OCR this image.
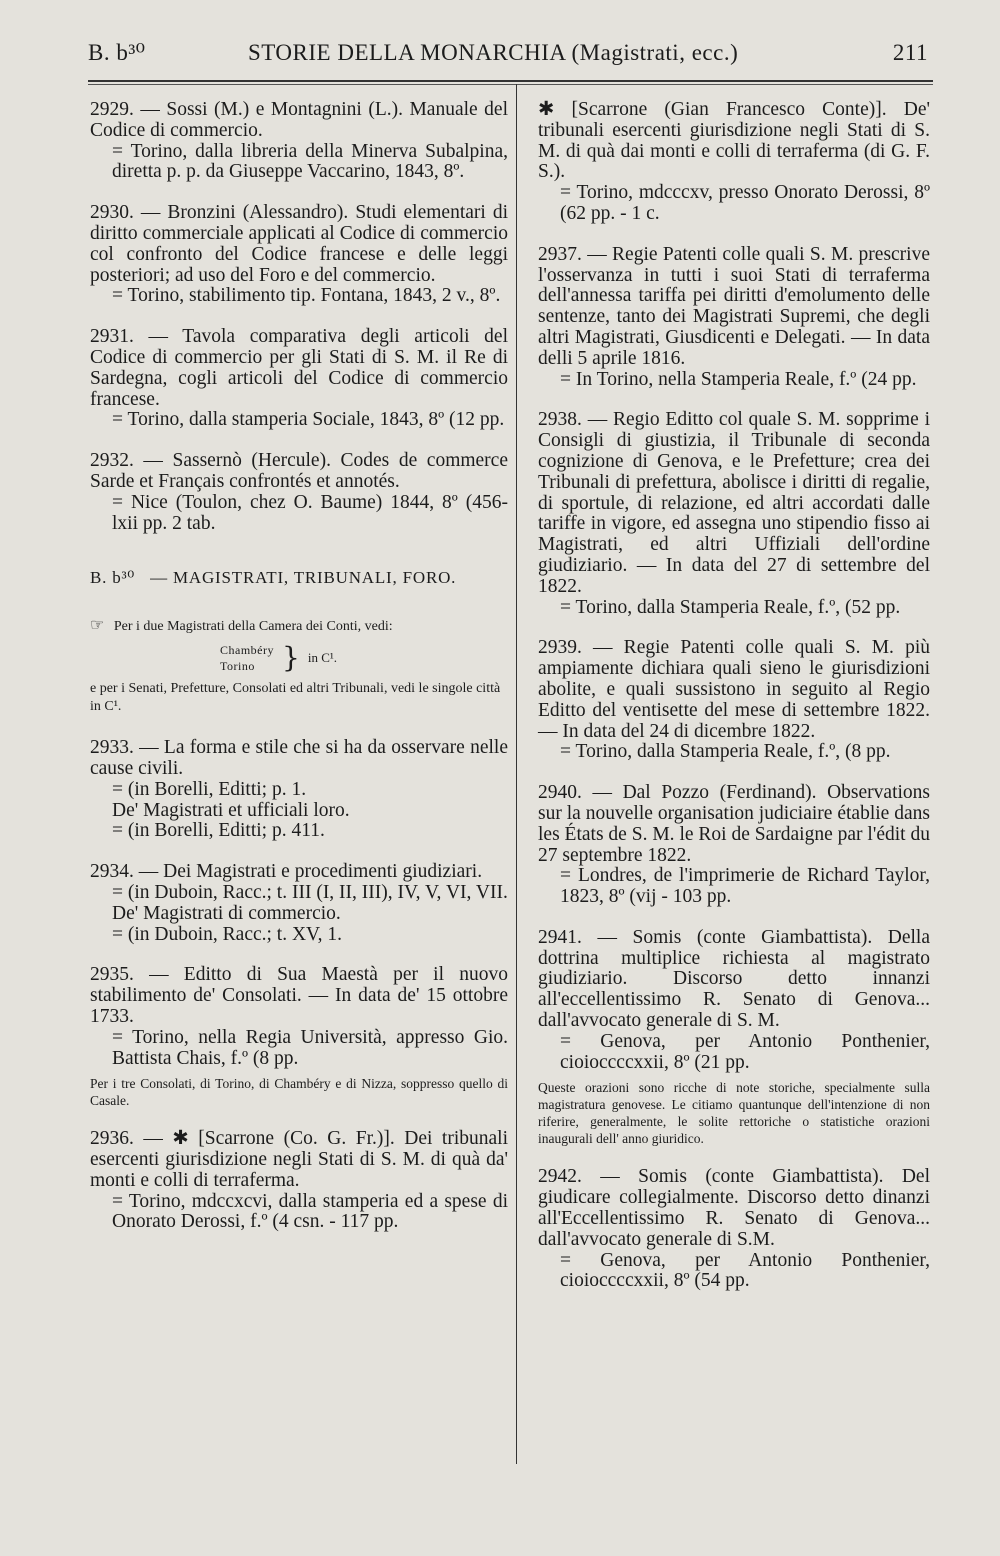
B. b³⁰	STORIE DELLA MONARCHIA (Magistrati, ecc.)	211

2929. — Sossi (M.) e Montagnini (L.). Manuale del Codice di commercio.

= Torino, dalla libreria della Minerva Subalpina, diretta p. p. da Giuseppe Vaccarino, 1843, 8º.

2930. — Bronzini (Alessandro). Studi elementari di diritto commerciale applicati al Codice di commercio col confronto del Codice francese e delle leggi posteriori; ad uso del Foro e del commercio.

= Torino, stabilimento tip. Fontana, 1843, 2 v., 8º.

2931. — Tavola comparativa degli articoli del Codice di commercio per gli Stati di S. M. il Re di Sardegna, cogli articoli del Codice di commercio francese.

= Torino, dalla stamperia Sociale, 1843, 8º (12 pp.

2932. — Sassernò (Hercule). Codes de commerce Sarde et Français confrontés et annotés.

= Nice (Toulon, chez O. Baume) 1844, 8º (456-lxii pp. 2 tab.

B. b³⁰ — MAGISTRATI, TRIBUNALI, FORO.

☞ Per i due Magistrati della Camera dei Conti, vedi:

Chambéry
Torino } in C¹.

e per i Senati, Prefetture, Consolati ed altri Tribunali, vedi le singole città in C¹.

2933. — La forma e stile che si ha da osservare nelle cause civili.

= (in Borelli, Editti; p. 1.

De' Magistrati et ufficiali loro.

= (in Borelli, Editti; p. 411.

2934. — Dei Magistrati e procedimenti giudiziari.

= (in Duboin, Racc.; t. III (I, II, III), IV, V, VI, VII.

De' Magistrati di commercio.

= (in Duboin, Racc.; t. XV, 1.

2935. — Editto di Sua Maestà per il nuovo stabilimento de' Consolati. — In data de' 15 ottobre 1733.

= Torino, nella Regia Università, appresso Gio. Battista Chais, f.º (8 pp.

Per i tre Consolati, di Torino, di Chambéry e di Nizza, soppresso quello di Casale.

2936. — ✱ [Scarrone (Co. G. Fr.)]. Dei tribunali esercenti giurisdizione negli Stati di S. M. di quà da' monti e colli di terraferma.

= Torino, mdccxcvi, dalla stamperia ed a spese di Onorato Derossi, f.º (4 csn. - 117 pp.

✱ [Scarrone (Gian Francesco Conte)]. De' tribunali esercenti giurisdizione negli Stati di S. M. di quà dai monti e colli di terraferma (di G. F. S.).

= Torino, mdcccxv, presso Onorato Derossi, 8º (62 pp. - 1 c.

2937. — Regie Patenti colle quali S. M. prescrive l'osservanza in tutti i suoi Stati di terraferma dell'annessa tariffa pei diritti d'emolumento delle sentenze, tanto dei Magistrati Supremi, che degli altri Magistrati, Giusdicenti e Delegati. — In data delli 5 aprile 1816.

= In Torino, nella Stamperia Reale, f.º (24 pp.

2938. — Regio Editto col quale S. M. sopprime i Consigli di giustizia, il Tribunale di seconda cognizione di Genova, e le Prefetture; crea dei Tribunali di prefettura, abolisce i diritti di regalie, di sportule, di relazione, ed altri accordati dalle tariffe in vigore, ed assegna uno stipendio fisso ai Magistrati, ed altri Uffiziali dell'ordine giudiziario. — In data del 27 di settembre del 1822.

= Torino, dalla Stamperia Reale, f.º, (52 pp.

2939. — Regie Patenti colle quali S. M. più ampiamente dichiara quali sieno le giurisdizioni abolite, e quali sussistono in seguito al Regio Editto del ventisette del mese di settembre 1822. — In data del 24 di dicembre 1822.

= Torino, dalla Stamperia Reale, f.º, (8 pp.

2940. — Dal Pozzo (Ferdinand). Observations sur la nouvelle organisation judiciaire établie dans les États de S. M. le Roi de Sardaigne par l'édit du 27 septembre 1822.

= Londres, de l'imprimerie de Richard Taylor, 1823, 8º (vij - 103 pp.

2941. — Somis (conte Giambattista). Della dottrina multiplice richiesta al magistrato giudiziario. Discorso detto innanzi all'eccellentissimo R. Senato di Genova... dall'avvocato generale di S. M.

= Genova, per Antonio Ponthenier, cioioccccxxii, 8º (21 pp.

Queste orazioni sono ricche di note storiche, specialmente sulla magistratura genovese. Le citiamo quantunque dell'intenzione di non riferire, generalmente, le solite rettoriche o statistiche orazioni inaugurali dell' anno giuridico.

2942. — Somis (conte Giambattista). Del giudicare collegialmente. Discorso detto dinanzi all'Eccellentissimo R. Senato di Genova... dall'avvocato generale di S.M.

= Genova, per Antonio Ponthenier, cioioccccxxii, 8º (54 pp.
